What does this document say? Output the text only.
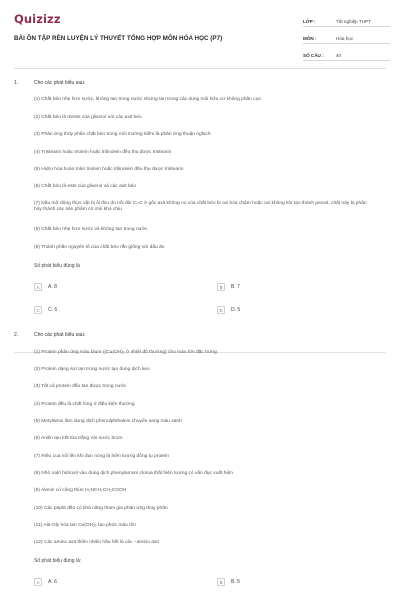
Quizizz
BÀI ÔN TẬP RÈN LUYỆN LÝ THUYẾT TỔNG HỢP MÔN HÓA HỌC (P7)
LỚP :	Tốt nghiệp THPT
MÔN :	Hóa học
SỐ CÂU :	40
1.	Cho các phát biểu sau:
(1) Chất béo nhẹ hơn nước, không tan trong nước nhưng tan trong các dung môi hữu cơ không phân cực
(2) Chất béo là trieste của glixerol với các axit béo
(3) Phản ứng thủy phân chất béo trong môi trường kiềm là phản ứng thuận nghịch
(4) Tristearin hoặc triolein hoặc trilinolein đều thu được tristearin
(5) Hidro hóa hoàn toàn triolein hoặc trilinolein đều thu được tristearin
(6) Chất béo là este của glixerol và các axit béo
(7) Dầu mỡ động thực vật bị ôi thiu do nối đôi C=C ở gốc axit không no của chất béo bị oxi hóa chậm hoặc oxi không khí tạo thành peoxit, chất này bị phân hủy thành các sản phẩm có mùi khó chịu
(8) Chất béo nhẹ hơn nước và không tan trong nước
(9) Thành phần nguyên tố của chất béo rắn giống với dầu ăn
Số phát biểu đúng là
A	A. 8	B	B. 7
C	C. 6	D	D. 5
2.	Cho các phát biểu sau:
(1) Protein phản ứng màu biure ((Cu(OH)₂ ở nhiệt độ thường) cho màu tím đặc trưng.
(2) Protein dạng sợi tan trong nước tạo dung dịch keo
(3) Tất cả protein đều tan được trong nước
(4) Protein đều là chất lỏng ở điều kiện thường
(5) Metylamin làm dung dịch phenolphthalein chuyển sang màu xanh
(6) Anilin tạo kết tủa trắng với nước brom
(7) Riêu cua nổi lên khi đun nóng là hiện tượng đông tụ protein
(8) Nhỏ natri hidroxit vào dung dịch phenylamoni clorua thất hiện tượng có vẩn đục xuất hiện
(9) Alanin có công thức H₂NCH₂CH₂COOH
(10) Các peptit đều có khả năng tham gia phản ứng thủy phân
(11) Ala-Gly hòa tan Cu(OH)₂ tạo phức màu tím
(12) Các amino axit thiên nhiên hầu hết là các −amino axit
Số phát biểu đúng là:
A	A. 6	B	B. 5
